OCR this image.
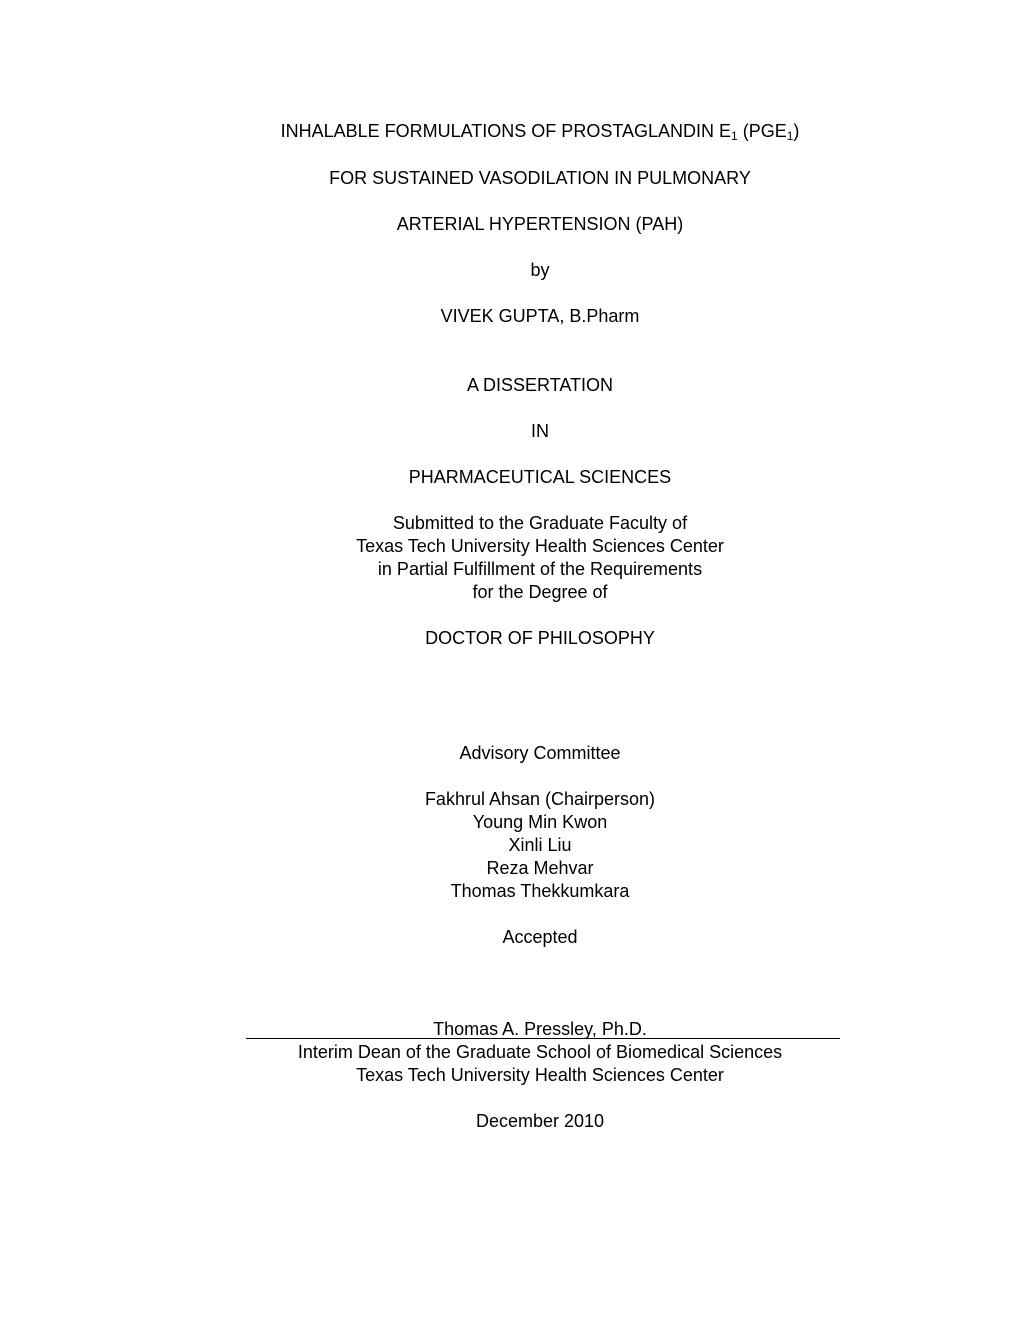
INHALABLE FORMULATIONS OF PROSTAGLANDIN $E_1$ $(PGE_1)$
FOR SUSTAINED VASODILATION IN PULMONARY
ARTERIAL HYPERTENSION (PAH)
by
VIVEK GUPTA, B.Pharm
A DISSERTATION
IN
PHARMACEUTICAL SCIENCES
Submitted to the Graduate Faculty of
Texas Tech University Health Sciences Center
in Partial Fulfillment of the Requirements
for the Degree of
DOCTOR OF PHILOSOPHY
Advisory Committee
Fakhrul Ahsan (Chairperson)
Young Min Kwon
Xinli Liu
Reza Mehvar
Thomas Thekkumkara
Accepted
Thomas A. Pressley, Ph.D.
Interim Dean of the Graduate School of Biomedical Sciences
Texas Tech University Health Sciences Center
December 2010
